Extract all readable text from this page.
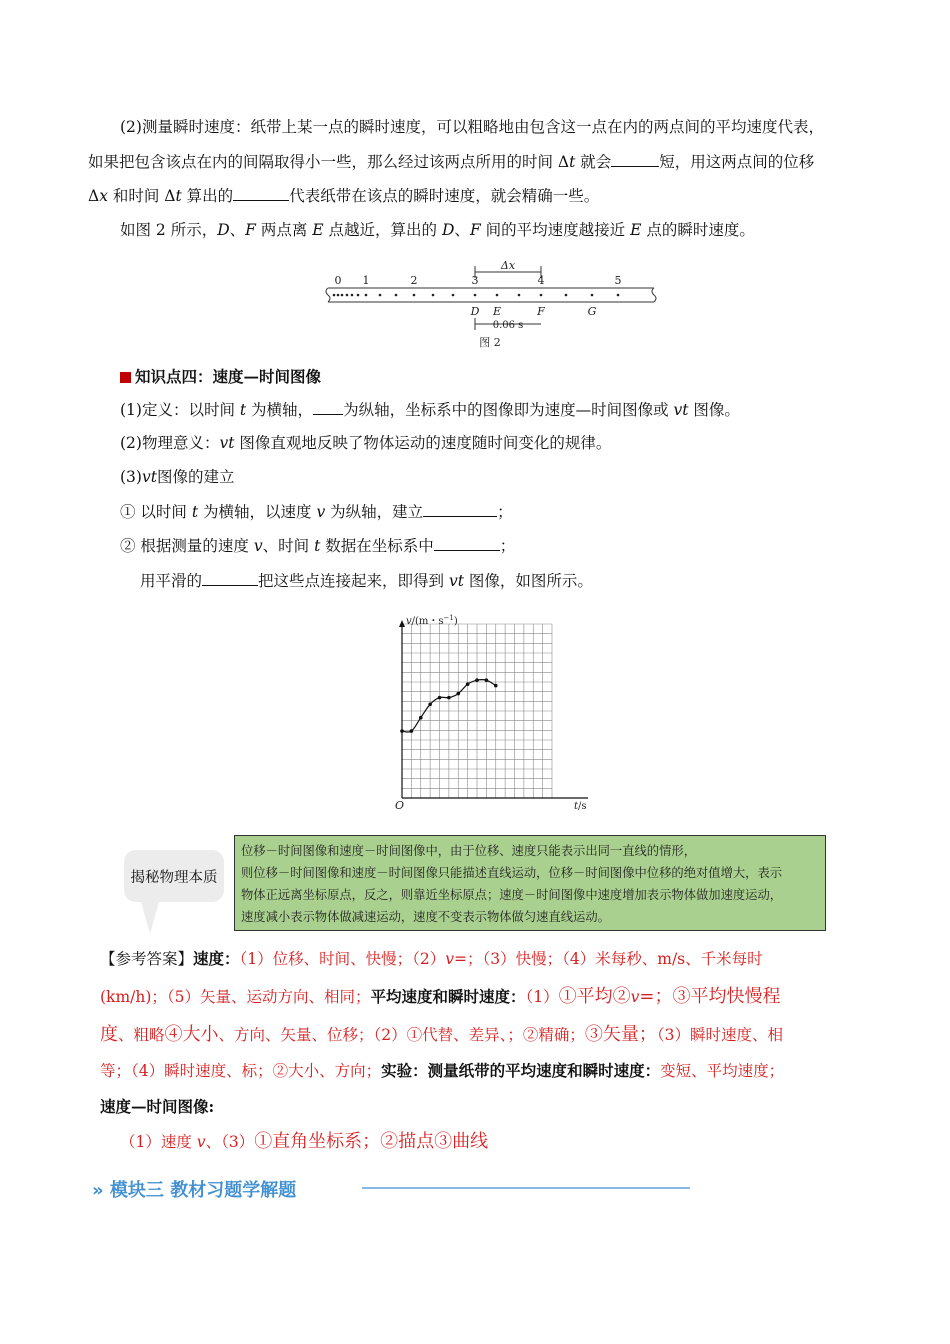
(2)测量瞬时速度：纸带上某一点的瞬时速度，可以粗略地由包含这一点在内的两点间的平均速度代表，
如果把包含该点在内的间隔取得小一些，那么经过该两点所用的时间 Δt 就会	短，用这两点间的位移
Δx 和时间 Δt 算出的	代表纸带在该点的瞬时速度，就会精确一些。
如图 2 所示，D、F 两点离 E 点越近，算出的 D、F 间的平均速度越接近 E 点的瞬时速度。
0 1	2	3	4	5
Δx
D E	F	G
0.06 s
图 2
知识点四：速度—时间图像
(1)定义：以时间 t 为横轴， 为纵轴，坐标系中的图像即为速度—时间图像或 vt 图像。
(2)物理意义：vt 图像直观地反映了物体运动的速度随时间变化的规律。
(3)vt图像的建立
① 以时间 t 为横轴，以速度 v 为纵轴，建立	；
② 根据测量的速度 v、时间 t 数据在坐标系中	；
用平滑的	把这些点连接起来，即得到 vt 图像，如图所示。
v/(m・$s^{-1}$)
O	t/s
揭秘物理本质
位移－时间图像和速度－时间图像中，由于位移、速度只能表示出同一直线的情形，
则位移－时间图像和速度－时间图像只能描述直线运动，位移－时间图像中位移的绝对值增大，表示
物体正远离坐标原点，反之，则靠近坐标原点；速度－时间图像中速度增加表示物体做加速度运动，
速度减小表示物体做减速运动，速度不变表示物体做匀速直线运动。
【参考答案】速度：（1）位移、时间、快慢；（2）v=；（3）快慢；（4）米每秒、m/s、千米每时
(km/h)；（5）矢量、运动方向、相同；平均速度和瞬时速度：（1）①平均②v=；③平均快慢程
度、粗略④大小、方向、矢量、位移；（2）①代替、差异、；②精确；③矢量；（3）瞬时速度、相
等；（4）瞬时速度、标；②大小、方向；实验：测量纸带的平均速度和瞬时速度：变短、平均速度；
速度—时间图像:
（1）速度 v、（3）①直角坐标系；②描点③曲线
» 模块三 教材习题学解题
